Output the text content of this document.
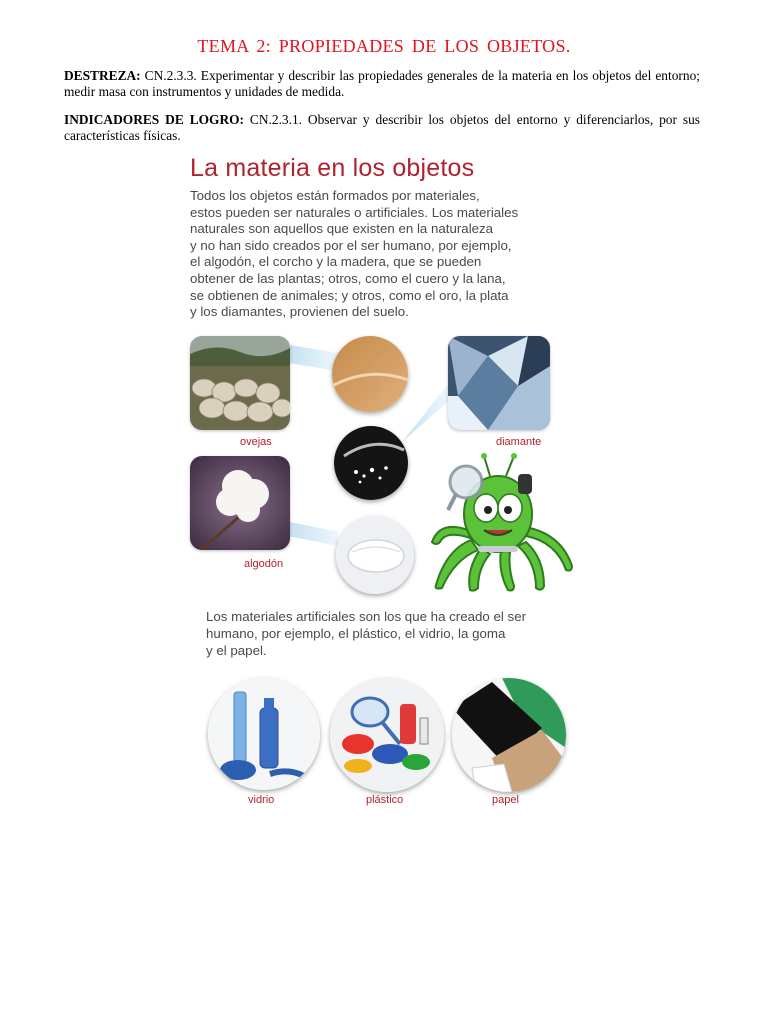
TEMA 2: PROPIEDADES DE LOS OBJETOS.
DESTREZA: CN.2.3.3. Experimentar y describir las propiedades generales de la materia en los objetos del entorno; medir masa con instrumentos y unidades de medida.
INDICADORES DE LOGRO: CN.2.3.1. Observar y describir los objetos del entorno y diferenciarlos, por sus características físicas.
La materia en los objetos
Todos los objetos están formados por materiales,
estos pueden ser naturales o artificiales. Los materiales
naturales son aquellos que existen en la naturaleza
y no han sido creados por el ser humano, por ejemplo,
el algodón, el corcho y la madera, que se pueden
obtener de las plantas; otros, como el cuero y la lana,
se obtienen de animales; y otros, como el oro, la plata
y los diamantes, provienen del suelo.
ovejas	diamante
algodón
Los materiales artificiales son los que ha creado el ser
humano, por ejemplo, el plástico, el vidrio, la goma
y el papel.
vidrio	plástico	papel
